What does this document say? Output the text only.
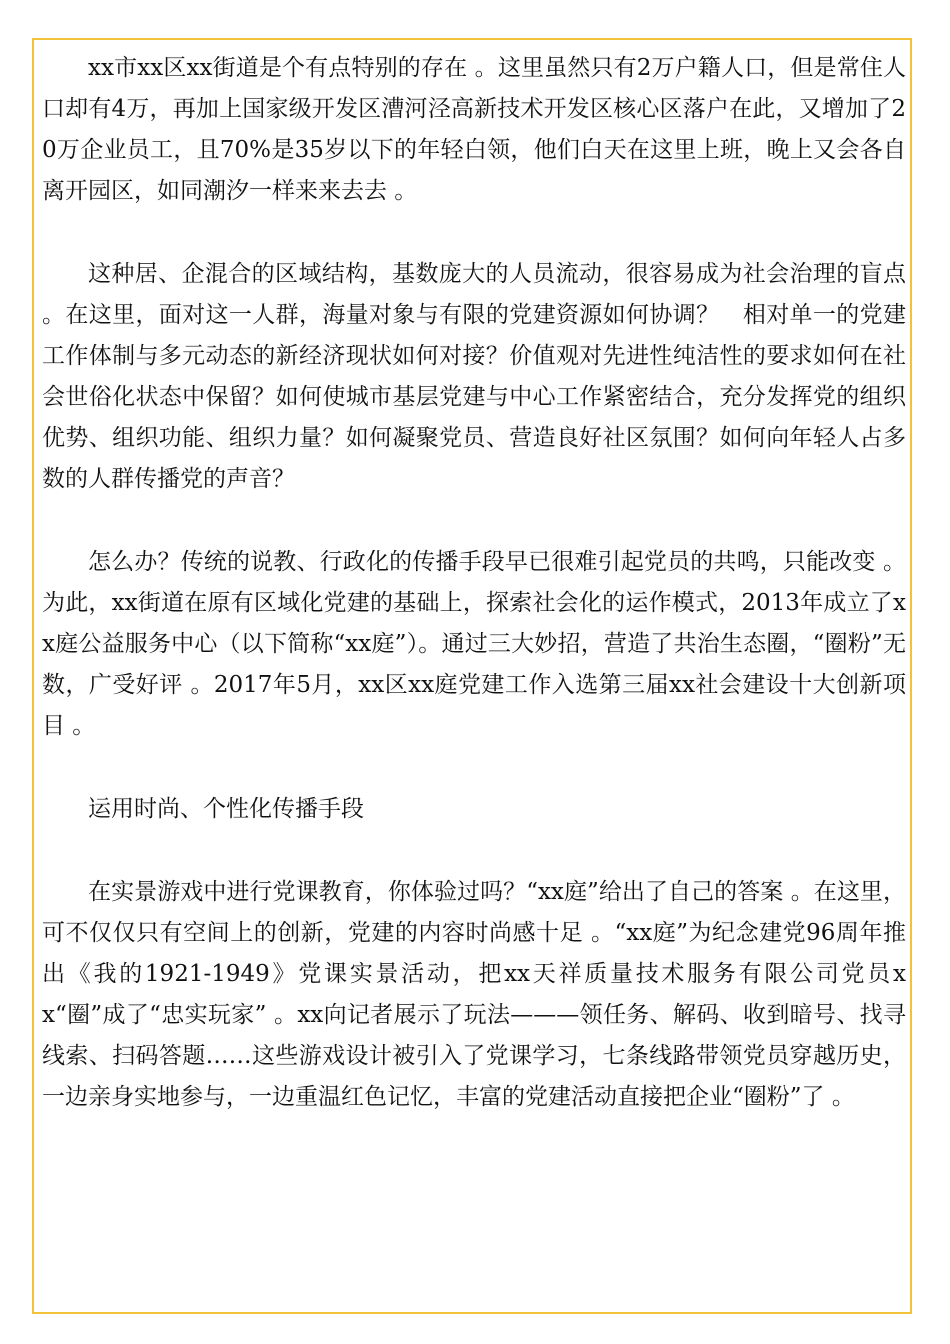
xx市xx区xx街道是个有点特别的存在 。这里虽然只有2万户籍人口，但是常住人口却有4万，再加上国家级开发区漕河泾高新技术开发区核心区落户在此，又增加了20万企业员工，且70%是35岁以下的年轻白领，他们白天在这里上班，晚上又会各自离开园区，如同潮汐一样来来去去 。

这种居、企混合的区域结构，基数庞大的人员流动，很容易成为社会治理的盲点 。在这里，面对这一人群，海量对象与有限的党建资源如何协调？　相对单一的党建工作体制与多元动态的新经济现状如何对接？价值观对先进性纯洁性的要求如何在社会世俗化状态中保留？如何使城市基层党建与中心工作紧密结合，充分发挥党的组织优势、组织功能、组织力量？如何凝聚党员、营造良好社区氛围？如何向年轻人占多数的人群传播党的声音？

怎么办？传统的说教、行政化的传播手段早已很难引起党员的共鸣，只能改变 。为此，xx街道在原有区域化党建的基础上，探索社会化的运作模式，2013年成立了xx庭公益服务中心（以下简称“xx庭”）。通过三大妙招，营造了共治生态圈，“圈粉”无数，广受好评 。2017年5月，xx区xx庭党建工作入选第三届xx社会建设十大创新项目 。

运用时尚、个性化传播手段

在实景游戏中进行党课教育，你体验过吗？“xx庭”给出了自己的答案 。在这里，可不仅仅只有空间上的创新，党建的内容时尚感十足 。“xx庭”为纪念建党96周年推出《我的1921-1949》党课实景活动，把xx天祥质量技术服务有限公司党员xx“圈”成了“忠实玩家” 。xx向记者展示了玩法———领任务、解码、收到暗号、找寻线索、扫码答题……这些游戏设计被引入了党课学习，七条线路带领党员穿越历史，一边亲身实地参与，一边重温红色记忆，丰富的党建活动直接把企业“圈粉”了 。
